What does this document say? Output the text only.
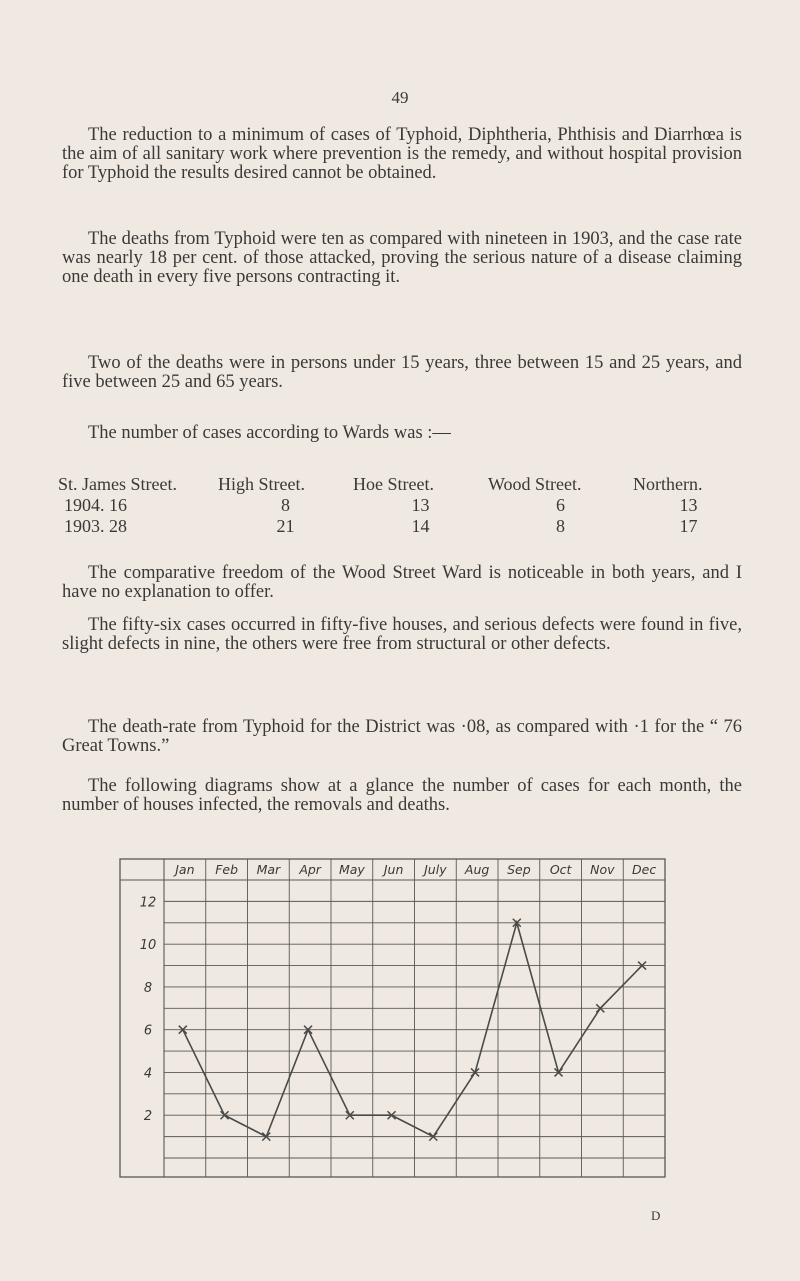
49

The reduction to a minimum of cases of Typhoid, Diphtheria, Phthisis and Diarrhœa is the aim of all sanitary work where prevention is the remedy, and without hospital provision for Typhoid the results desired cannot be obtained.

The deaths from Typhoid were ten as compared with nineteen in 1903, and the case rate was nearly 18 per cent. of those attacked, proving the serious nature of a disease claiming one death in every five persons contracting it.

Two of the deaths were in persons under 15 years, three between 15 and 25 years, and five between 25 and 65 years.

The number of cases according to Wards was :—

St. James Street.	High Street.	Hoe Street.	Wood Street.	Northern.
1904. 16	8	13	6	13
1903. 28	21	14	8	17

The comparative freedom of the Wood Street Ward is noticeable in both years, and I have no explanation to offer.

The fifty-six cases occurred in fifty-five houses, and serious defects were found in five, slight defects in nine, the others were free from structural or other defects.

The death-rate from Typhoid for the District was ·08, as compared with ·1 for the “ 76 Great Towns.”

The following diagrams show at a glance the number of cases for each month, the number of houses infected, the removals and deaths.

Jan Feb Mar Apr May Jun July Aug Sep Oct Nov Dec
2
4
6
8
10
12
D
